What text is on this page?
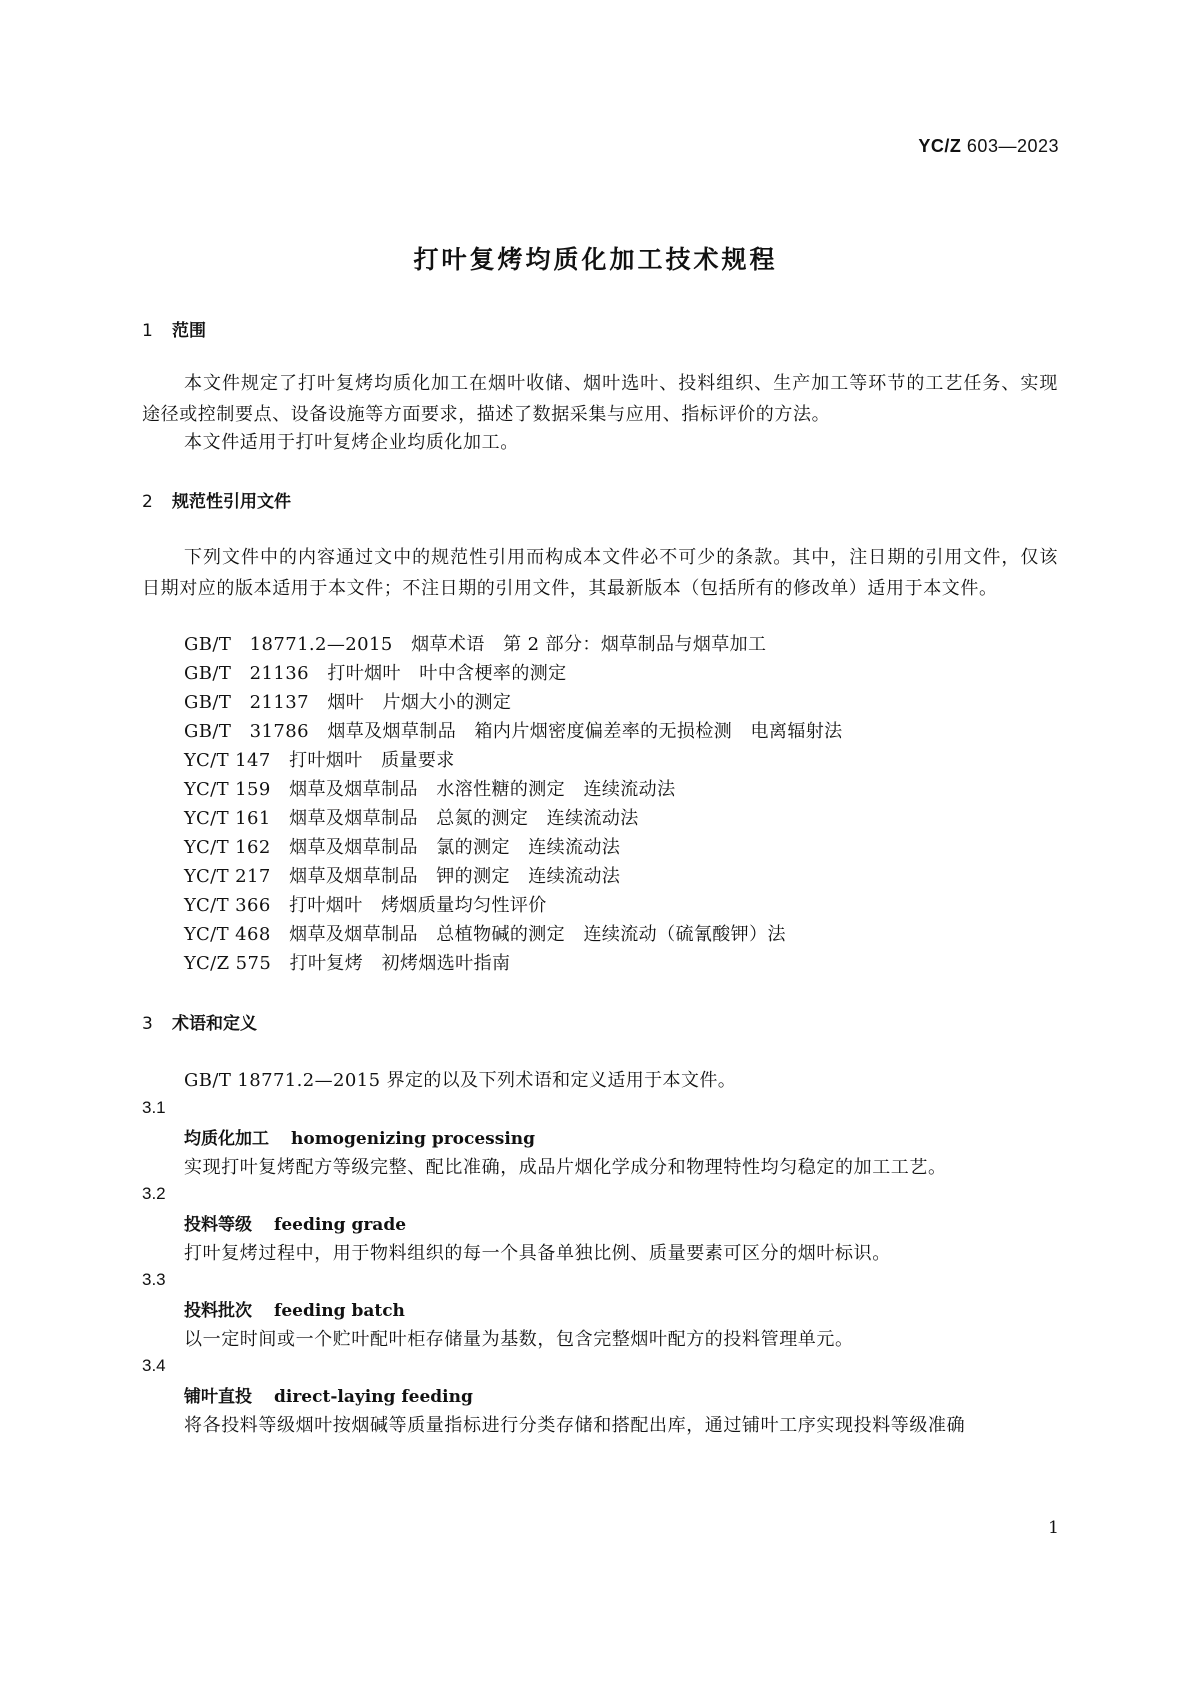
YC/Z 603—2023
打叶复烤均质化加工技术规程
1 范围
本文件规定了打叶复烤均质化加工在烟叶收储、烟叶选叶、投料组织、生产加工等环节的工艺任务、实现途径或控制要点、设备设施等方面要求，描述了数据采集与应用、指标评价的方法。
本文件适用于打叶复烤企业均质化加工。
2 规范性引用文件
下列文件中的内容通过文中的规范性引用而构成本文件必不可少的条款。其中，注日期的引用文件，仅该日期对应的版本适用于本文件；不注日期的引用文件，其最新版本（包括所有的修改单）适用于本文件。
GB/T　18771.2—2015　烟草术语　第 2 部分：烟草制品与烟草加工
GB/T　21136　打叶烟叶　叶中含梗率的测定
GB/T　21137　烟叶　片烟大小的测定
GB/T　31786　烟草及烟草制品　箱内片烟密度偏差率的无损检测　电离辐射法
YC/T 147　打叶烟叶　质量要求
YC/T 159　烟草及烟草制品　水溶性糖的测定　连续流动法
YC/T 161　烟草及烟草制品　总氮的测定　连续流动法
YC/T 162　烟草及烟草制品　氯的测定　连续流动法
YC/T 217　烟草及烟草制品　钾的测定　连续流动法
YC/T 366　打叶烟叶　烤烟质量均匀性评价
YC/T 468　烟草及烟草制品　总植物碱的测定　连续流动（硫氰酸钾）法
YC/Z 575　打叶复烤　初烤烟选叶指南
3 术语和定义
GB/T 18771.2—2015 界定的以及下列术语和定义适用于本文件。
3.1
均质化加工 homogenizing processing
实现打叶复烤配方等级完整、配比准确，成品片烟化学成分和物理特性均匀稳定的加工工艺。
3.2
投料等级 feeding grade
打叶复烤过程中，用于物料组织的每一个具备单独比例、质量要素可区分的烟叶标识。
3.3
投料批次 feeding batch
以一定时间或一个贮叶配叶柜存储量为基数，包含完整烟叶配方的投料管理单元。
3.4
铺叶直投 direct-laying feeding
将各投料等级烟叶按烟碱等质量指标进行分类存储和搭配出库，通过铺叶工序实现投料等级准确
1
